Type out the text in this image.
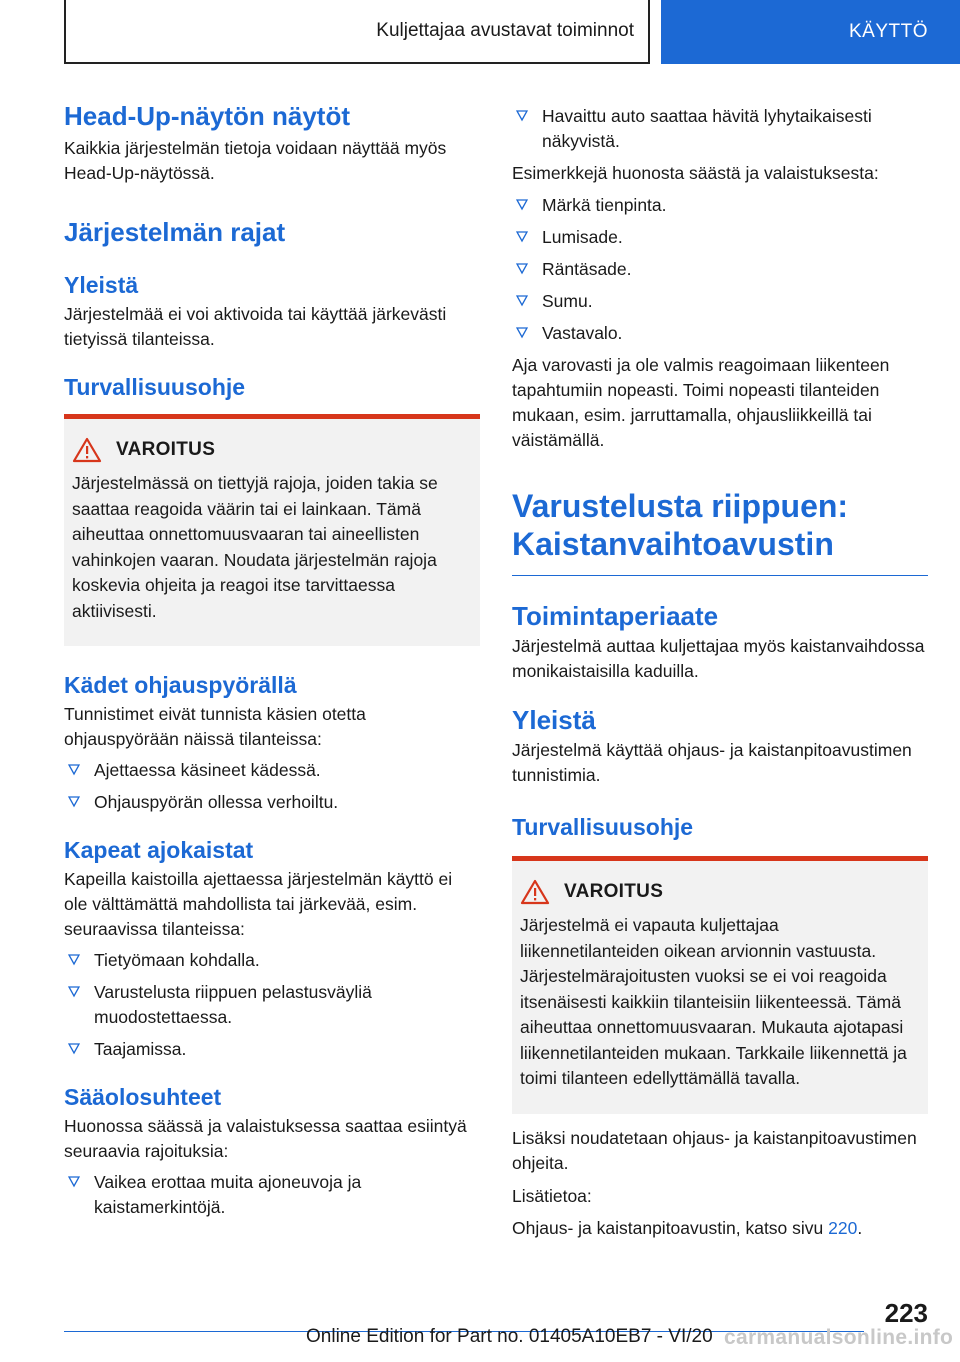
Kuljettajaa avustavat toiminnot	KÄYTTÖ
Head-Up-näytön näytöt

Kaikkia järjestelmän tietoja voidaan näyttää myös Head-Up-näytössä.

Järjestelmän rajat
Yleistä

Järjestelmää ei voi aktivoida tai käyttää järkevästi tietyissä tilanteissa.

Turvallisuusohje
VAROITUS

Järjestelmässä on tiettyjä rajoja, joiden takia se saattaa reagoida väärin tai ei lainkaan. Tämä aiheuttaa onnettomuusvaaran tai aineellisten vahinkojen vaaran. Noudata järjestelmän rajoja koskevia ohjeita ja reagoi itse tarvittaessa aktiivisesti.

Kädet ohjauspyörällä

Tunnistimet eivät tunnista käsien otetta ohjauspyörään näissä tilanteissa:

Ajettaessa käsineet kädessä.
Ohjauspyörän ollessa verhoiltu.
Kapeat ajokaistat

Kapeilla kaistoilla ajettaessa järjestelmän käyttö ei ole välttämättä mahdollista tai järkevää, esim. seuraavissa tilanteissa:

Tietyömaan kohdalla.
Varustelusta riippuen pelastusväyliä muodostettaessa.
Taajamissa.
Sääolosuhteet

Huonossa säässä ja valaistuksessa saattaa esiintyä seuraavia rajoituksia:

Vaikea erottaa muita ajoneuvoja ja kaistamerkintöjä.
Havaittu auto saattaa hävitä lyhytaikaisesti näkyvistä.

Esimerkkejä huonosta säästä ja valaistuksesta:

Märkä tienpinta.
Lumisade.
Räntäsade.
Sumu.
Vastavalo.

Aja varovasti ja ole valmis reagoimaan liikenteen tapahtumiin nopeasti. Toimi nopeasti tilanteiden mukaan, esim. jarruttamalla, ohjausliikkeillä tai väistämällä.

Varustelusta riippuen: Kaistanvaihtoavustin
Toimintaperiaate

Järjestelmä auttaa kuljettajaa myös kaistanvaihdossa monikaistaisilla kaduilla.

Yleistä

Järjestelmä käyttää ohjaus- ja kaistanpitoavustimen tunnistimia.

Turvallisuusohje
VAROITUS

Järjestelmä ei vapauta kuljettajaa liikennetilanteiden oikean arvionnin vastuusta. Järjestelmärajoitusten vuoksi se ei voi reagoida itsenäisesti kaikkiin tilanteisiin liikenteessä. Tämä aiheuttaa onnettomuusvaaran. Mukauta ajotapasi liikennetilanteiden mukaan. Tarkkaile liikennettä ja toimi tilanteen edellyttämällä tavalla.

Lisäksi noudatetaan ohjaus- ja kaistanpitoavustimen ohjeita.

Lisätietoa:

Ohjaus- ja kaistanpitoavustin, katso sivu 220.

223
Online Edition for Part no. 01405A10EB7 - VI/20 carmanualsonline.info
